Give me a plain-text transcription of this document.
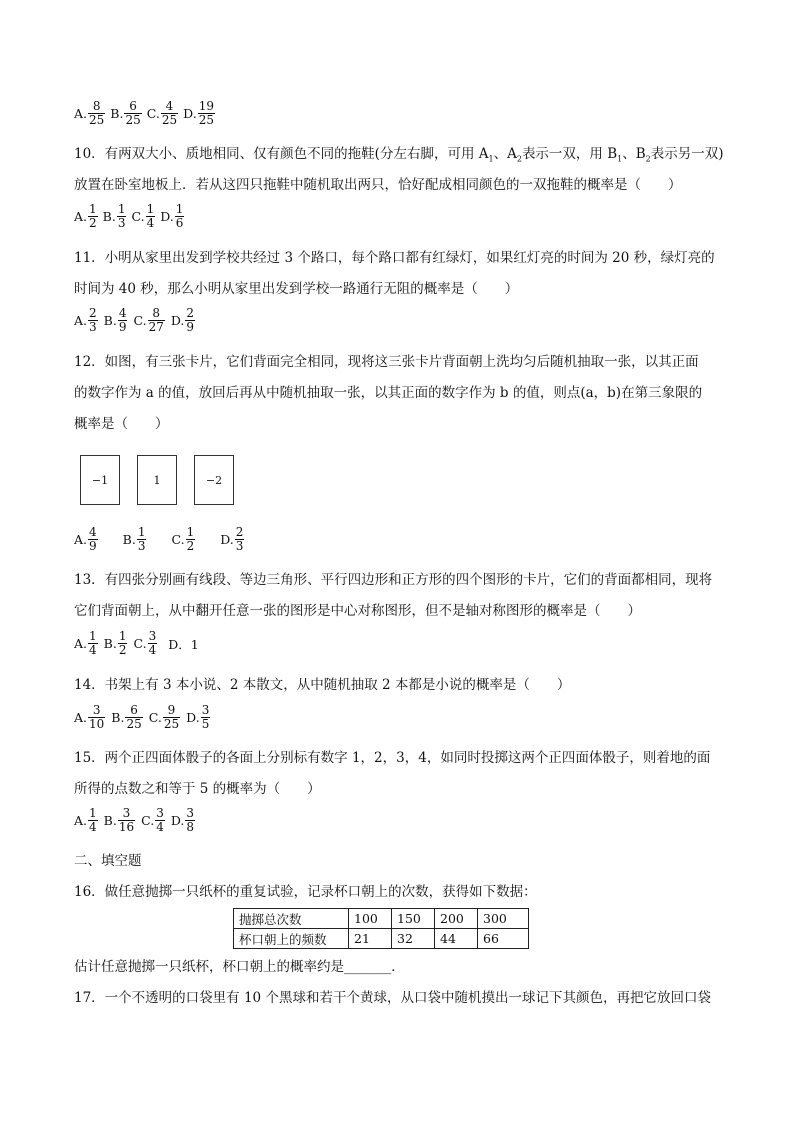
A. $\frac{8}{25} B$. $\frac{6}{25} C$. $\frac{4}{25} D$. $\frac{19}{25}$
10．有两双大小、质地相同、仅有颜色不同的拖鞋(分左右脚，可用 $A_1$、$A_2$表示一双，用 $B_1$、$B_2$表示另一双)
放置在卧室地板上．若从这四只拖鞋中随机取出两只，恰好配成相同颜色的一双拖鞋的概率是（　　）
A. $\frac{1}{2} B$. $\frac{1}{3} C$. $\frac{1}{4} D$. $\frac{1}{6}$
11．小明从家里出发到学校共经过 3 个路口，每个路口都有红绿灯，如果红灯亮的时间为 20 秒，绿灯亮的
时间为 40 秒，那么小明从家里出发到学校一路通行无阻的概率是（　　）
A. $\frac{2}{3} B$. $\frac{4}{9} C$. $\frac{8}{27} D$. $\frac{2}{9}$
12．如图，有三张卡片，它们背面完全相同，现将这三张卡片背面朝上洗均匀后随机抽取一张，以其正面
的数字作为 a 的值，放回后再从中随机抽取一张，以其正面的数字作为 b 的值，则点(a，b)在第三象限的
概率是（　　）
−1	1	−2
A. $\frac{4}{9} B$. $\frac{1}{3} C$. $\frac{1}{2} D$. $\frac{2}{3}$
13．有四张分别画有线段、等边三角形、平行四边形和正方形的四个图形的卡片，它们的背面都相同，现将
它们背面朝上，从中翻开任意一张的图形是中心对称图形，但不是轴对称图形的概率是（　　）
A. $\frac{1}{4} B$. $\frac{1}{2} C$. $\frac{3}{4}$ D．1
14．书架上有 3 本小说、2 本散文，从中随机抽取 2 本都是小说的概率是（　　）
A. $\frac{3}{10} B$. $\frac{6}{25} C$. $\frac{9}{25} D$. $\frac{3}{5}$
15．两个正四面体骰子的各面上分别标有数字 1，2，3，4，如同时投掷这两个正四面体骰子，则着地的面
所得的点数之和等于 5 的概率为（　　）
A. $\frac{1}{4} B$. $\frac{3}{16} C$. $\frac{3}{4} D$. $\frac{3}{8}$
二、填空题
16．做任意抛掷一只纸杯的重复试验，记录杯口朝上的次数，获得如下数据：
抛掷总次数	100	150	200	300
杯口朝上的频数	21	32	44	66
估计任意抛掷一只纸杯，杯口朝上的概率约是_______．
17．一个不透明的口袋里有 10 个黑球和若干个黄球，从口袋中随机摸出一球记下其颜色，再把它放回口袋
